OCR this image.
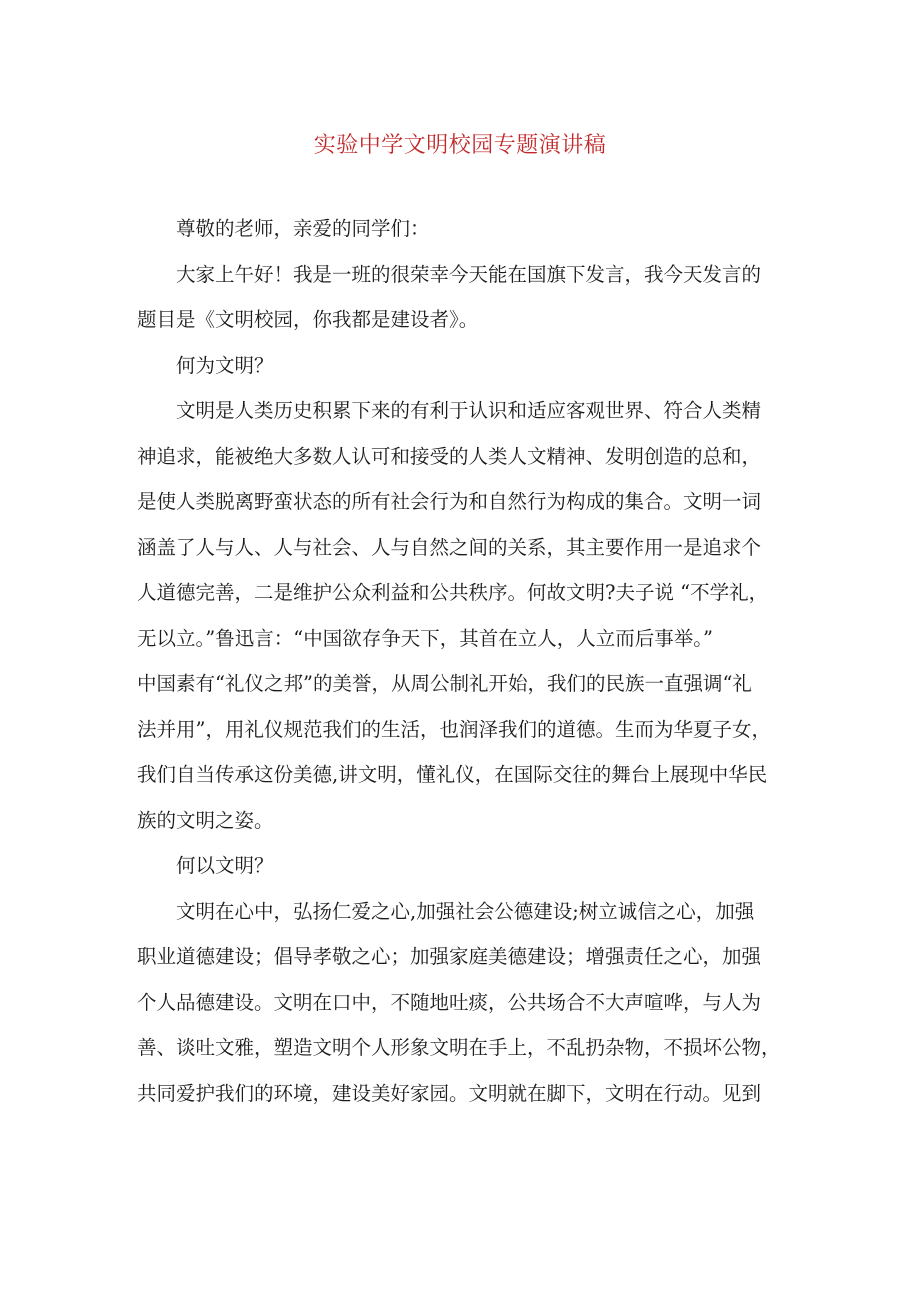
实验中学文明校园专题演讲稿

尊敬的老师，亲爱的同学们：

大家上午好！我是一班的很荣幸今天能在国旗下发言，我今天发言的
题目是《文明校园，你我都是建设者》。

何为文明？

文明是人类历史积累下来的有利于认识和适应客观世界、符合人类精
神追求，能被绝大多数人认可和接受的人类人文精神、发明创造的总和，
是使人类脱离野蛮状态的所有社会行为和自然行为构成的集合。文明一词
涵盖了人与人、人与社会、人与自然之间的关系，其主要作用一是追求个
人道德完善，二是维护公众利益和公共秩序。何故文明?夫子说 “不学礼，
无以立。”鲁迅言：“中国欲存争天下，其首在立人，人立而后事举。”
中国素有“礼仪之邦”的美誉，从周公制礼开始，我们的民族一直强调“礼
法并用”，用礼仪规范我们的生活，也润泽我们的道德。生而为华夏子女，
我们自当传承这份美德,讲文明，懂礼仪，在国际交往的舞台上展现中华民
族的文明之姿。

何以文明？

文明在心中，弘扬仁爱之心,加强社会公德建设;树立诚信之心，加强
职业道德建设；倡导孝敬之心；加强家庭美德建设；增强责任之心，加强
个人品德建设。文明在口中，不随地吐痰，公共场合不大声喧哗，与人为
善、谈吐文雅，塑造文明个人形象文明在手上，不乱扔杂物，不损坏公物，
共同爱护我们的环境，建设美好家园。文明就在脚下，文明在行动。见到
